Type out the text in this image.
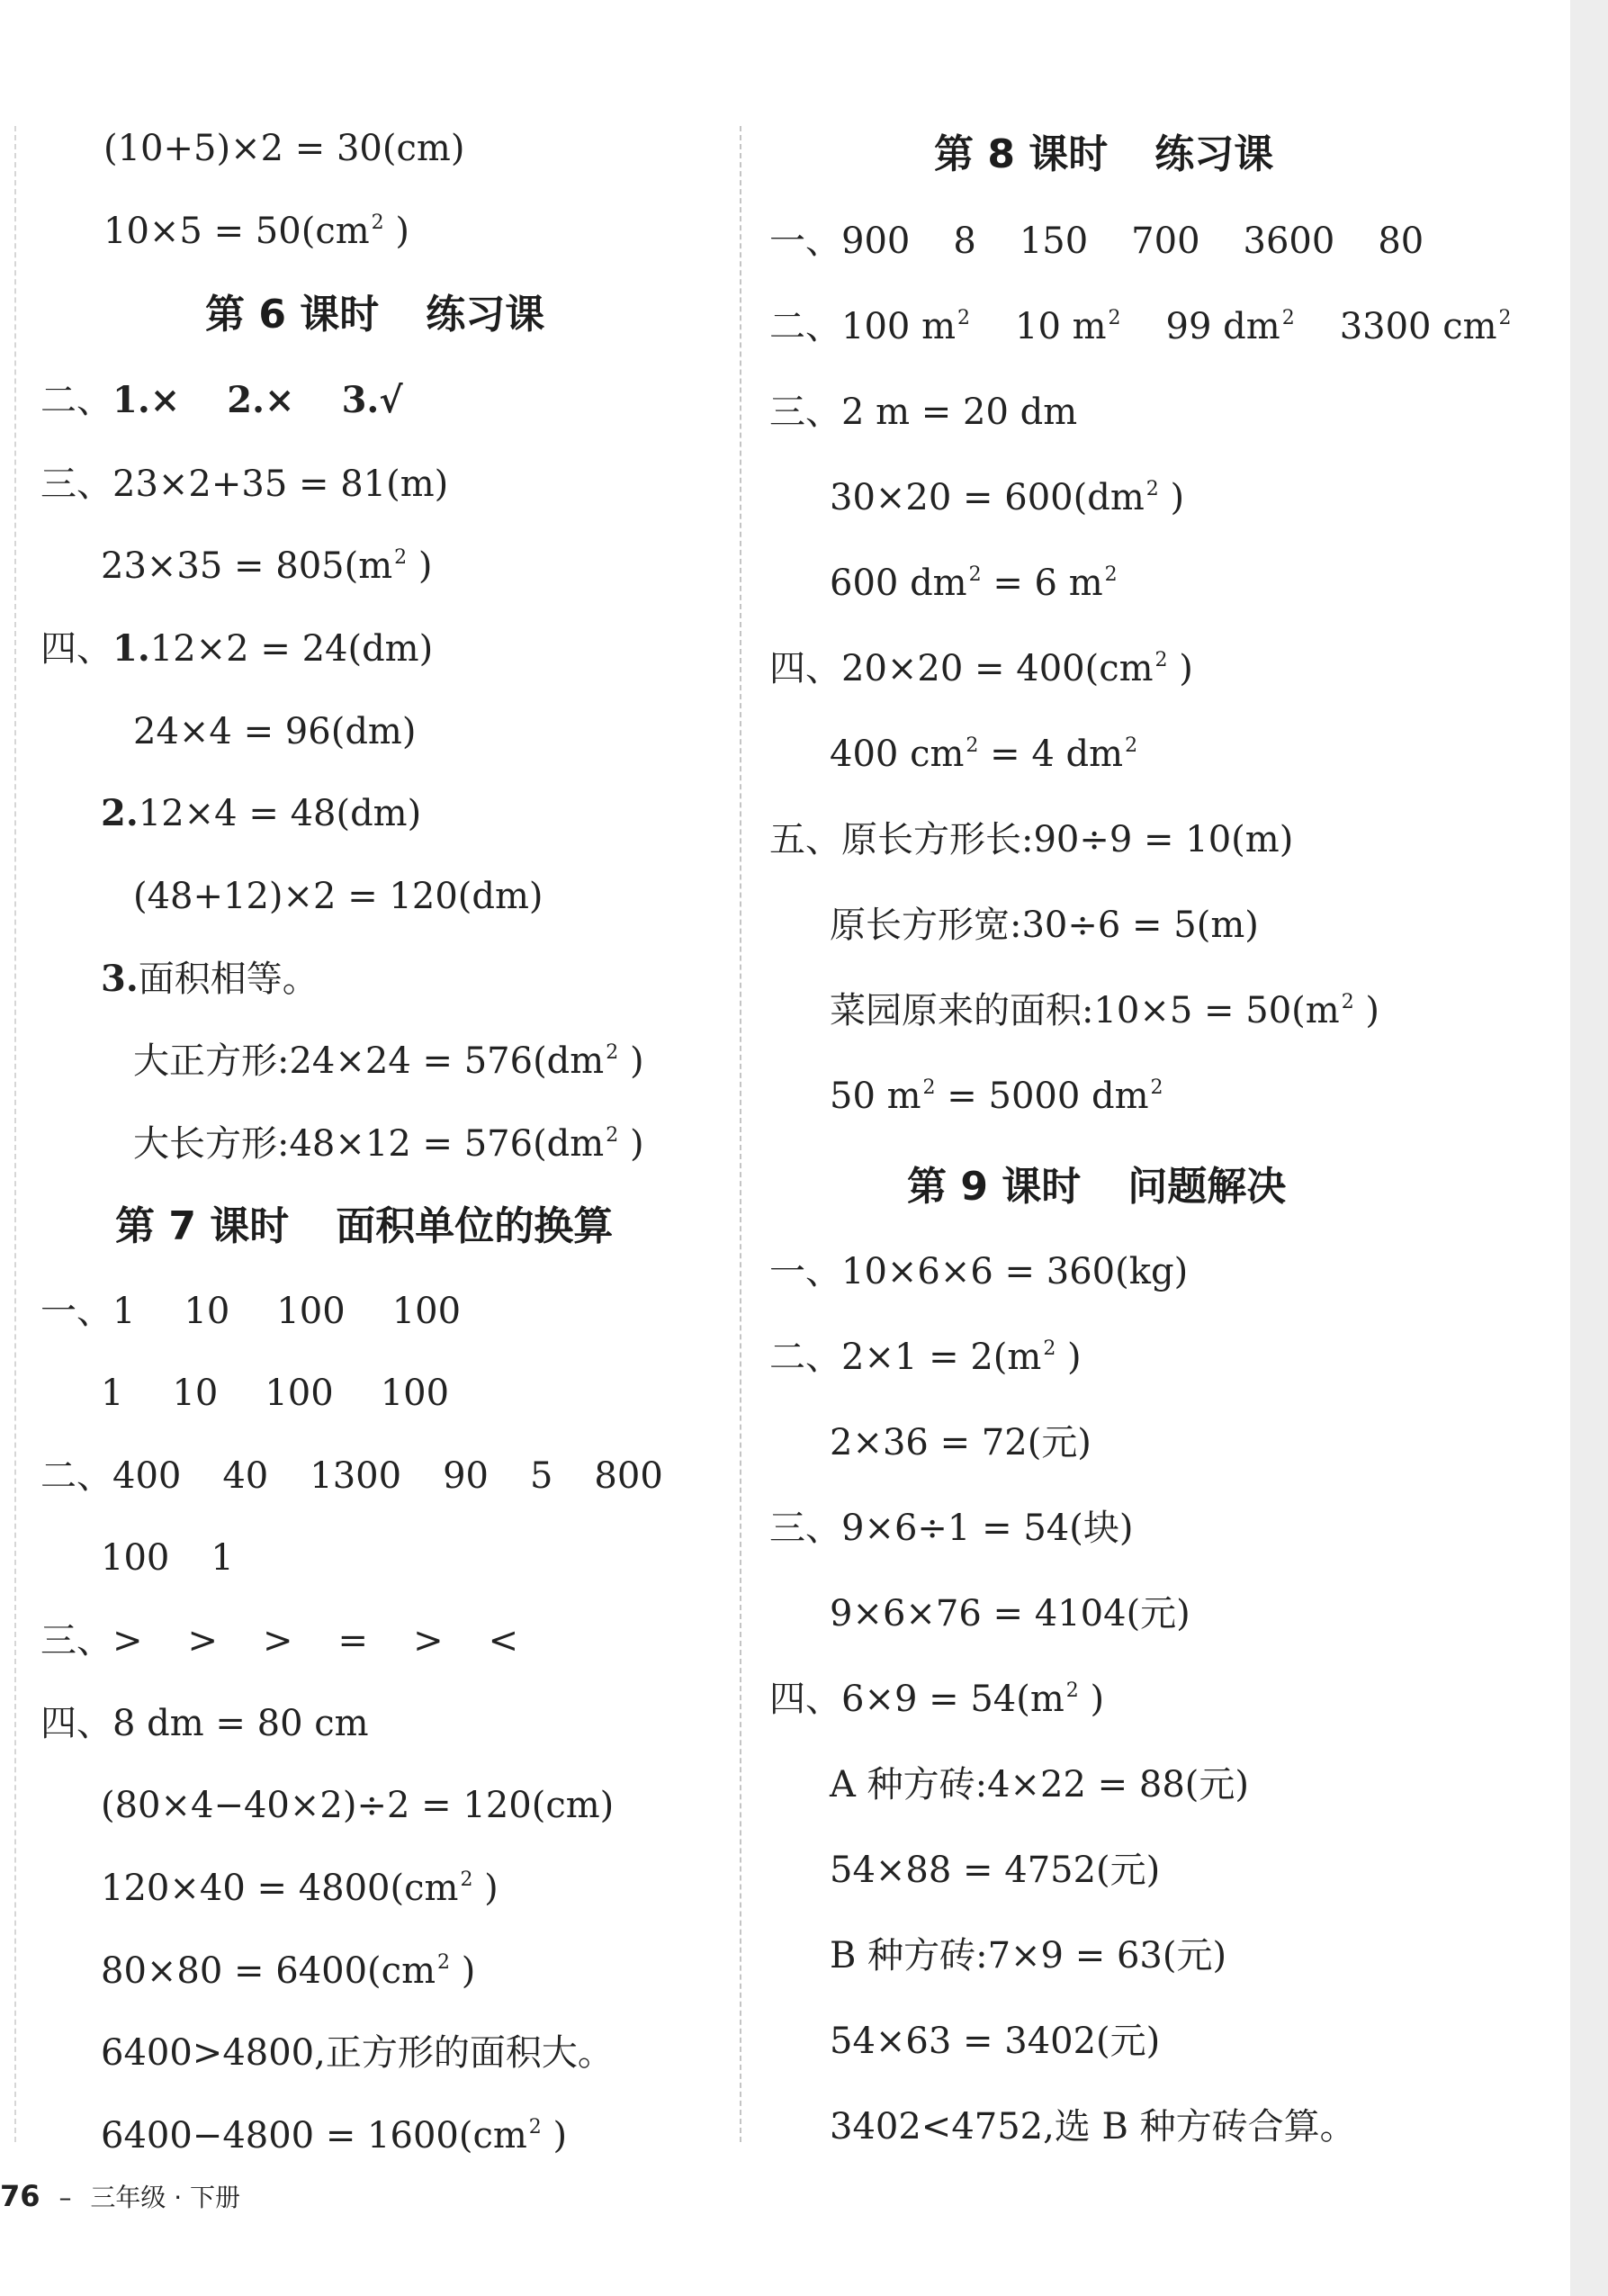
(10+5)×2 = 30(cm)
$10\times 5 = 50(cm^2$ )
第 6 课时 练习课
二、1.× 2.× 3.√
三、23×2+35 = 81(m)
$23\times 35 = 805(m^2$ )
四、1.12×2 = 24(dm)
24×4 = 96(dm)
2.12×4 = 48(dm)
(48+12)×2 = 120(dm)
3.面积相等。
大正方形:24×24 = $576(dm^2$ )
大长方形:48×12 = $576(dm^2$ )
第 7 课时 面积单位的换算
一、1 10 100 100
1 10 100 100
二、400 40 1300 90 5 800
100 1
三、> > > = > <
四、8 dm = 80 cm
(80×4−40×2)÷2 = 120(cm)
$120\times 40 = 4800(cm^2$ )
$80\times 80 = 6400(cm^2$ )
6400>4800,正方形的面积大。
$6400-4800 = 1600(cm^2$ )
第 8 课时 练习课
一、900 8 150 700 3600 80
二、100 $m^2$ 10 $m^2$ 99 $dm^2$ 3300 $cm^2$
三、2 m = 20 dm
$30\times 20 = 600(dm^2$ )
600 $dm^2 = 6$ $m^2$
四、$20\times 20 = 400(cm^2$ )
400 $cm^2 = 4$ $dm^2$
五、原长方形长:90÷9 = 10(m)
原长方形宽:30÷6 = 5(m)
菜园原来的面积:10×5 = $50(m^2$ )
50 $m^2 = 5000$ $dm^2$
第 9 课时 问题解决
一、10×6×6 = 360(kg)
二、$2\times 1 = 2(m^2$ )
2×36 = 72(元)
三、9×6÷1 = 54(块)
9×6×76 = 4104(元)
四、$6\times 9 = 54(m^2$ )
A 种方砖:4×22 = 88(元)
54×88 = 4752(元)
B 种方砖:7×9 = 63(元)
54×63 = 3402(元)
3402<4752,选 B 种方砖合算。
76 – 三年级 · 下册
